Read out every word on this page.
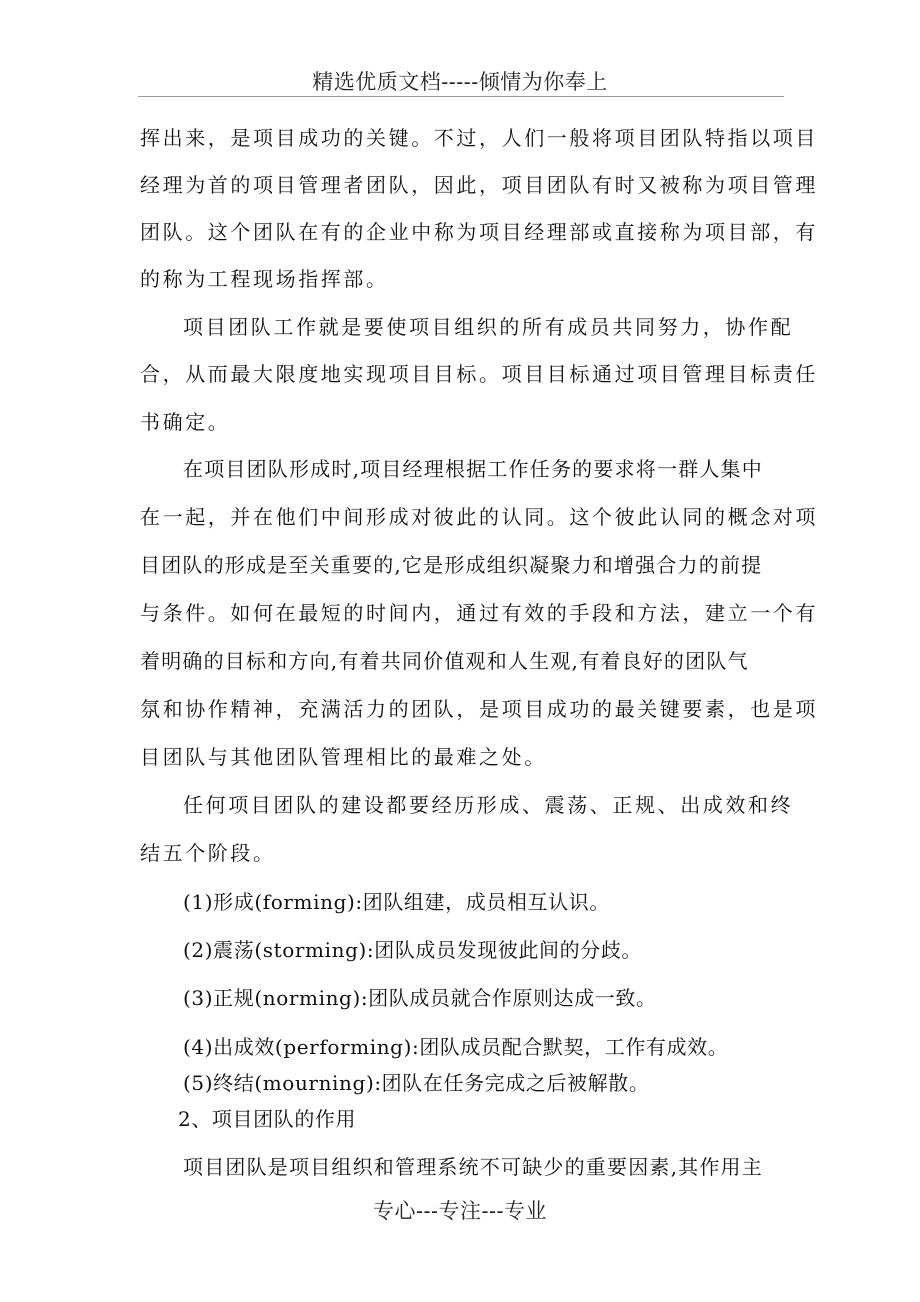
精选优质文档-----倾情为你奉上
挥出来，是项目成功的关键。不过，人们一般将项目团队特指以项目
经理为首的项目管理者团队，因此，项目团队有时又被称为项目管理
团队。这个团队在有的企业中称为项目经理部或直接称为项目部，有
的称为工程现场指挥部。
项目团队工作就是要使项目组织的所有成员共同努力，协作配
合，从而最大限度地实现项目目标。项目目标通过项目管理目标责任
书确定。
在项目团队形成时,项目经理根据工作任务的要求将一群人集中
在一起，并在他们中间形成对彼此的认同。这个彼此认同的概念对项
目团队的形成是至关重要的,它是形成组织凝聚力和增强合力的前提
与条件。如何在最短的时间内，通过有效的手段和方法，建立一个有
着明确的目标和方向,有着共同价值观和人生观,有着良好的团队气
氛和协作精神，充满活力的团队，是项目成功的最关键要素，也是项
目团队与其他团队管理相比的最难之处。
任何项目团队的建设都要经历形成、震荡、正规、出成效和终
结五个阶段。
(1)形成(forming):团队组建，成员相互认识。
(2)震荡(storming):团队成员发现彼此间的分歧。
(3)正规(norming):团队成员就合作原则达成一致。
(4)出成效(performing):团队成员配合默契，工作有成效。
(5)终结(mourning):团队在任务完成之后被解散。
2、项目团队的作用
项目团队是项目组织和管理系统不可缺少的重要因素,其作用主
专心---专注---专业
